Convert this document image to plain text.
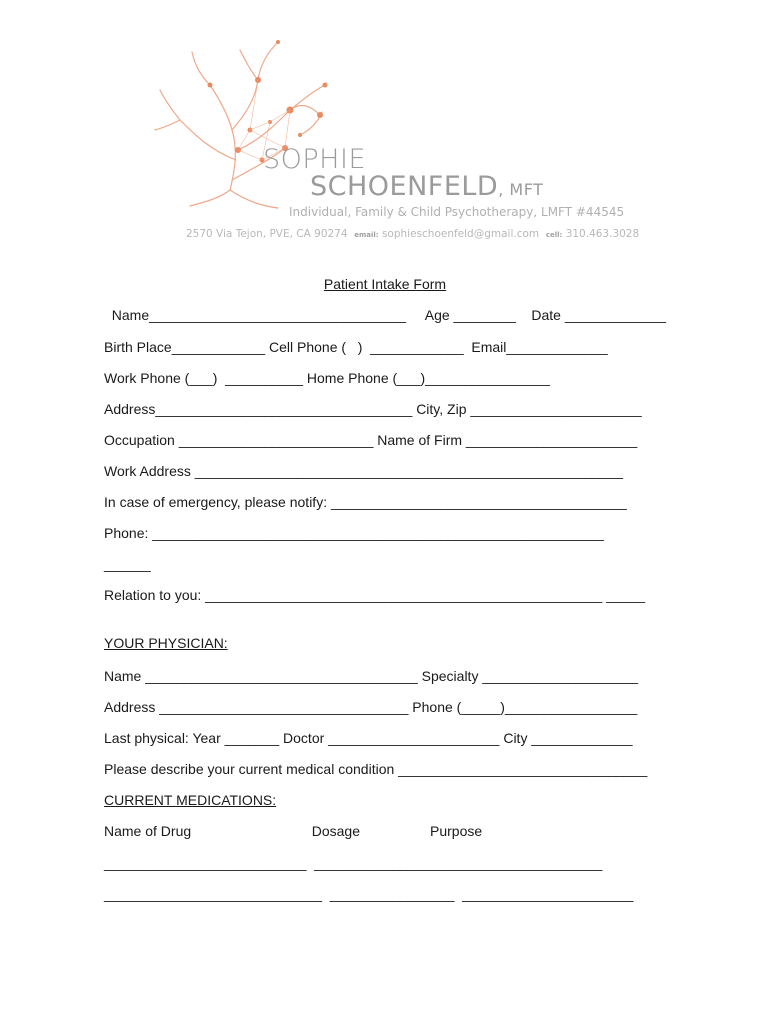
SOPHIE
SCHOENFELD, MFT
Individual, Family & Child Psychotherapy, LMFT #44545
2570 Via Tejon, PVE, CA 90274 email: sophieschoenfeld@gmail.com cell: 310.463.3028
Patient Intake Form
Name_________________________________     Age ________    Date _____________
Birth Place____________ Cell Phone (   )  ____________  Email_____________
Work Phone (___)  __________ Home Phone (___)________________
Address_________________________________ City, Zip ______________________
Occupation _________________________ Name of Firm ______________________
Work Address _______________________________________________________
In case of emergency, please notify: ______________________________________
Phone: __________________________________________________________
______
Relation to you: ___________________________________________________ _____
YOUR PHYSICIAN:
Name ___________________________________ Specialty ____________________
Address ________________________________ Phone (_____)_________________
Last physical: Year _______ Doctor ______________________ City _____________
Please describe your current medical condition ________________________________
CURRENT MEDICATIONS:
Name of Drug                               Dosage                  Purpose
__________________________  _____________________________________
____________________________  ________________  ______________________
